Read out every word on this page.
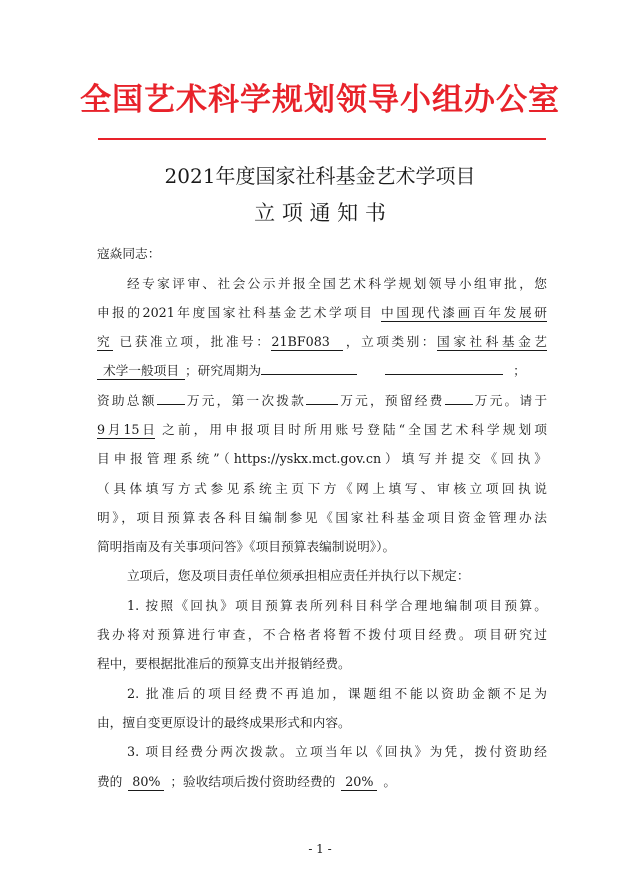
全国艺术科学规划领导小组办公室
2021年度国家社科基金艺术学项目
立 项 通 知 书
寇焱同志：
经专家评审、社会公示并报全国艺术科学规划领导小组审批，您
申报的2021年度国家社科基金艺术学项目 中国现代漆画百年发展研
究 已获准立项，批准号：21BF083 ，立项类别：国家社科基金艺
术学一般项目 ；研究周期为	；
资助总额 万元，第一次拨款	万元，预留经费 万元。请于
9月15日 之前，用申报项目时所用账号登陆“全国艺术科学规划项
目申报管理系统”（https://yskx.mct.gov.cn）填写并提交《回执》
（具体填写方式参见系统主页下方《网上填写、审核立项回执说
明》，项目预算表各科目编制参见《国家社科基金项目资金管理办法
简明指南及有关事项问答》《项目预算表编制说明》）。
立项后，您及项目责任单位须承担相应责任并执行以下规定：
1. 按照《回执》项目预算表所列科目科学合理地编制项目预算。
我办将对预算进行审查，不合格者将暂不拨付项目经费。项目研究过
程中，要根据批准后的预算支出并报销经费。
2. 批准后的项目经费不再追加，课题组不能以资助金额不足为
由，擅自变更原设计的最终成果形式和内容。
3. 项目经费分两次拨款。立项当年以《回执》为凭，拨付资助经
费的 80% ；验收结项后拨付资助经费的 20% 。
- 1 -
